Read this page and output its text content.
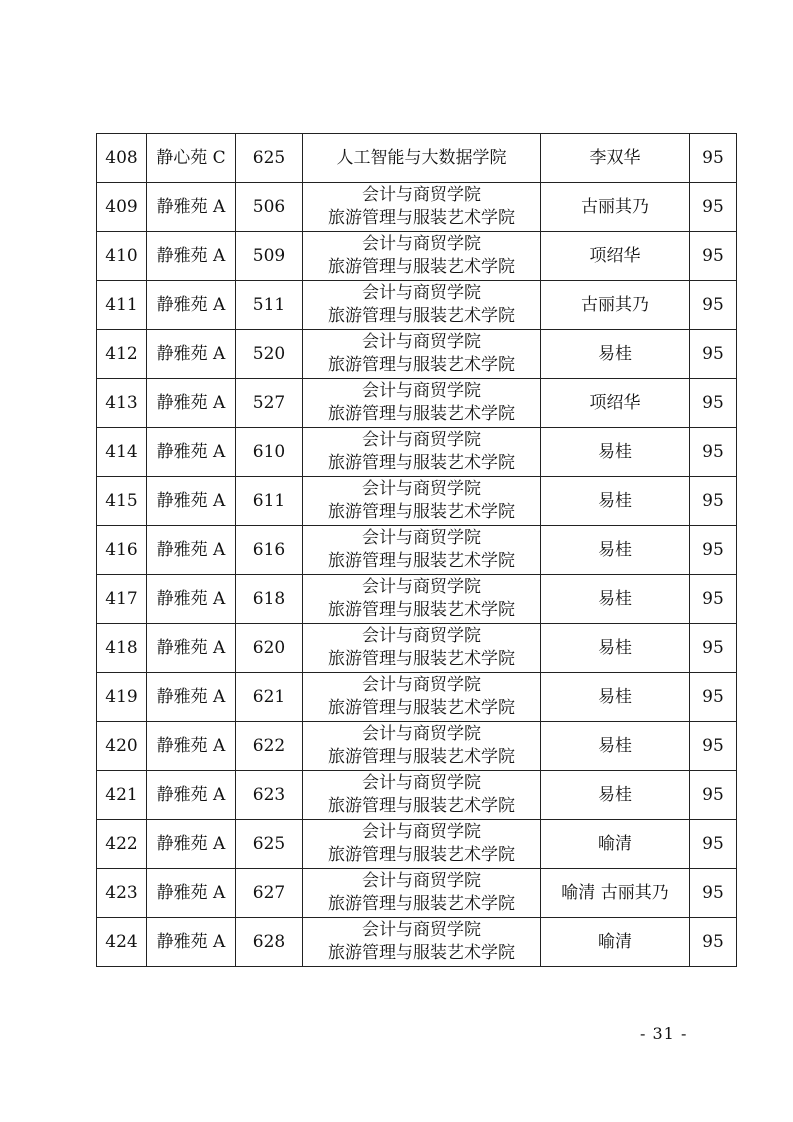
408	静心苑 C	625	人工智能与大数据学院	李双华	95
409	静雅苑 A	506	会计与商贸学院
旅游管理与服装艺术学院	古丽其乃	95
410	静雅苑 A	509	会计与商贸学院
旅游管理与服装艺术学院	项绍华	95
411	静雅苑 A	511	会计与商贸学院
旅游管理与服装艺术学院	古丽其乃	95
412	静雅苑 A	520	会计与商贸学院
旅游管理与服装艺术学院	易桂	95
413	静雅苑 A	527	会计与商贸学院
旅游管理与服装艺术学院	项绍华	95
414	静雅苑 A	610	会计与商贸学院
旅游管理与服装艺术学院	易桂	95
415	静雅苑 A	611	会计与商贸学院
旅游管理与服装艺术学院	易桂	95
416	静雅苑 A	616	会计与商贸学院
旅游管理与服装艺术学院	易桂	95
417	静雅苑 A	618	会计与商贸学院
旅游管理与服装艺术学院	易桂	95
418	静雅苑 A	620	会计与商贸学院
旅游管理与服装艺术学院	易桂	95
419	静雅苑 A	621	会计与商贸学院
旅游管理与服装艺术学院	易桂	95
420	静雅苑 A	622	会计与商贸学院
旅游管理与服装艺术学院	易桂	95
421	静雅苑 A	623	会计与商贸学院
旅游管理与服装艺术学院	易桂	95
422	静雅苑 A	625	会计与商贸学院
旅游管理与服装艺术学院	喻清	95
423	静雅苑 A	627	会计与商贸学院
旅游管理与服装艺术学院	喻清 古丽其乃	95
424	静雅苑 A	628	会计与商贸学院
旅游管理与服装艺术学院	喻清	95
- 31 -
